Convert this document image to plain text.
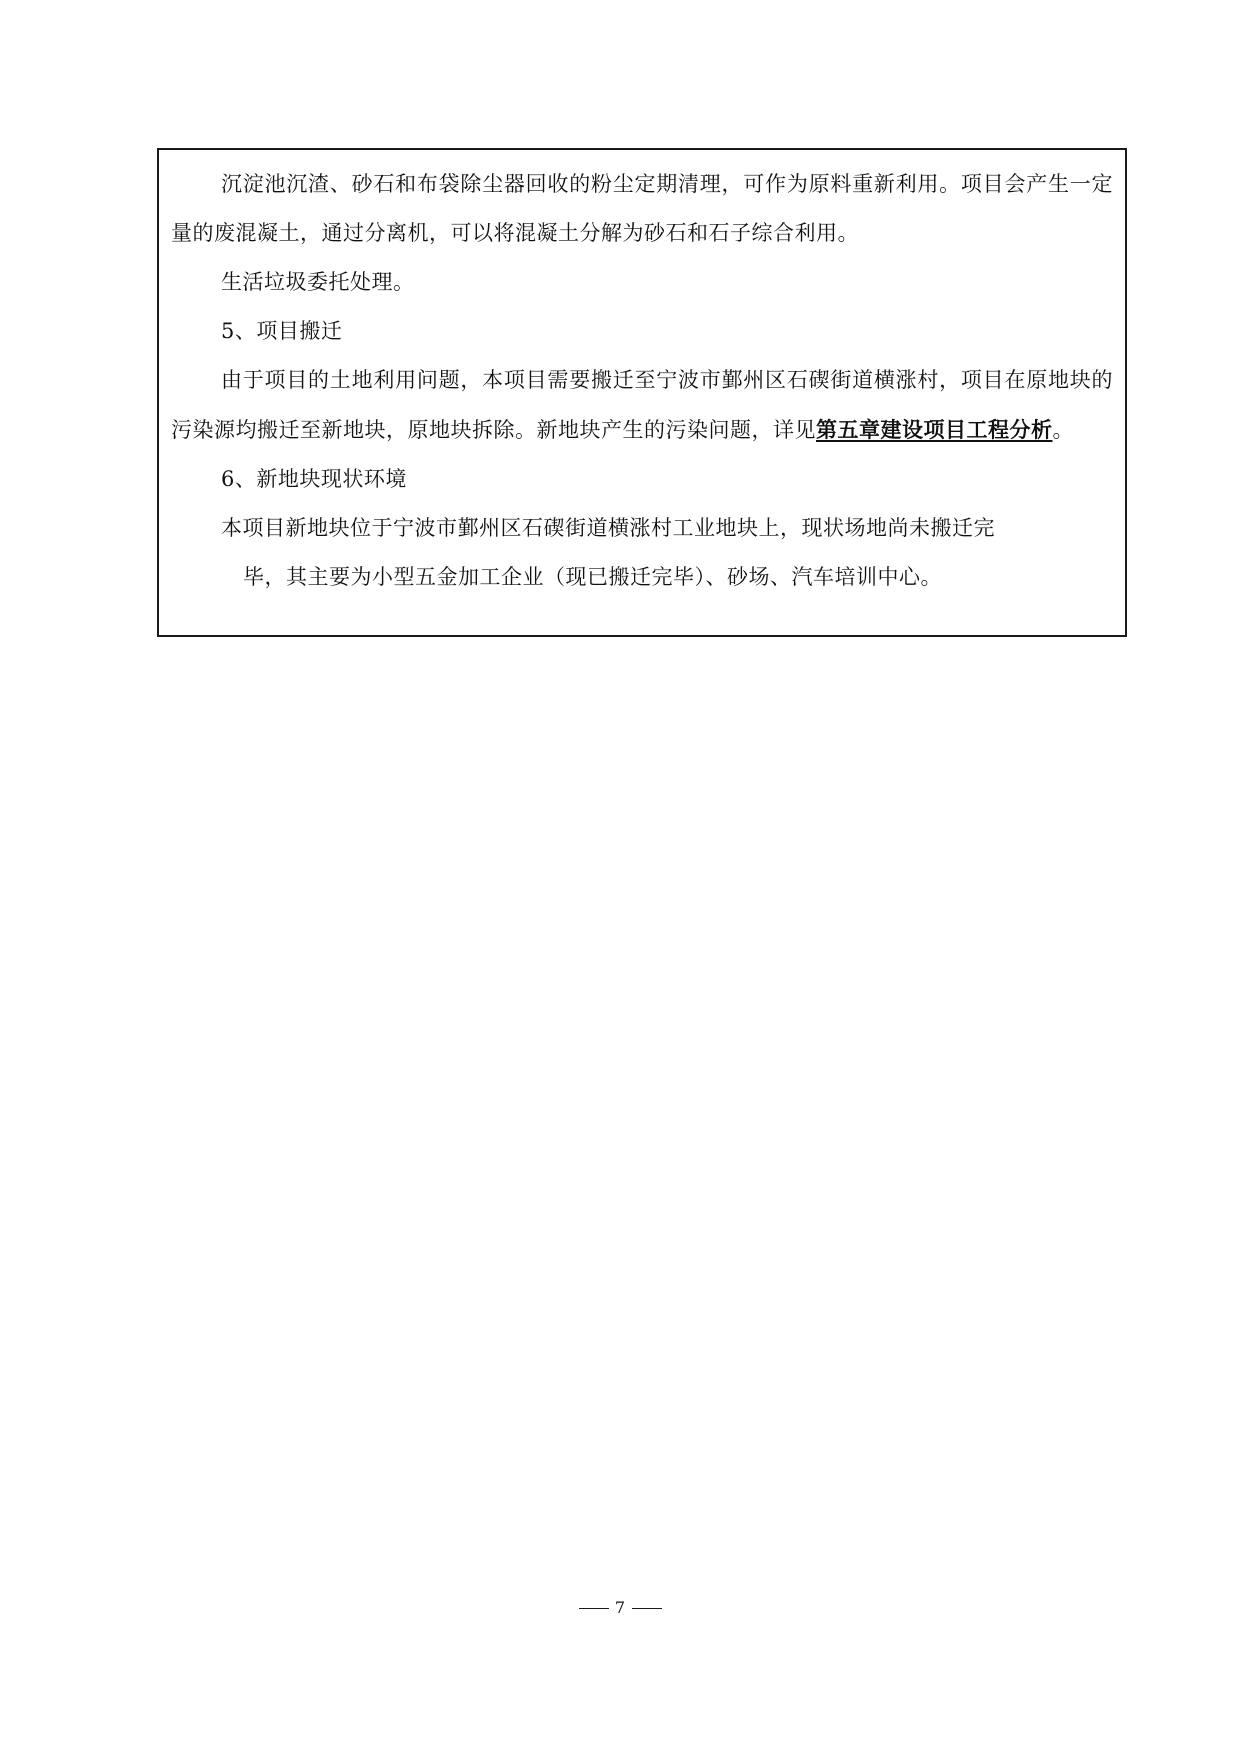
沉淀池沉渣、砂石和布袋除尘器回收的粉尘定期清理，可作为原料重新利用。项目会产生一定量的废混凝土，通过分离机，可以将混凝土分解为砂石和石子综合利用。

生活垃圾委托处理。

5、项目搬迁

由于项目的土地利用问题，本项目需要搬迁至宁波市鄞州区石碶街道横涨村，项目在原地块的污染源均搬迁至新地块，原地块拆除。新地块产生的污染问题，详见第五章建设项目工程分析。

6、新地块现状环境

本项目新地块位于宁波市鄞州区石碶街道横涨村工业地块上，现状场地尚未搬迁完

毕，其主要为小型五金加工企业（现已搬迁完毕）、砂场、汽车培训中心。

7
